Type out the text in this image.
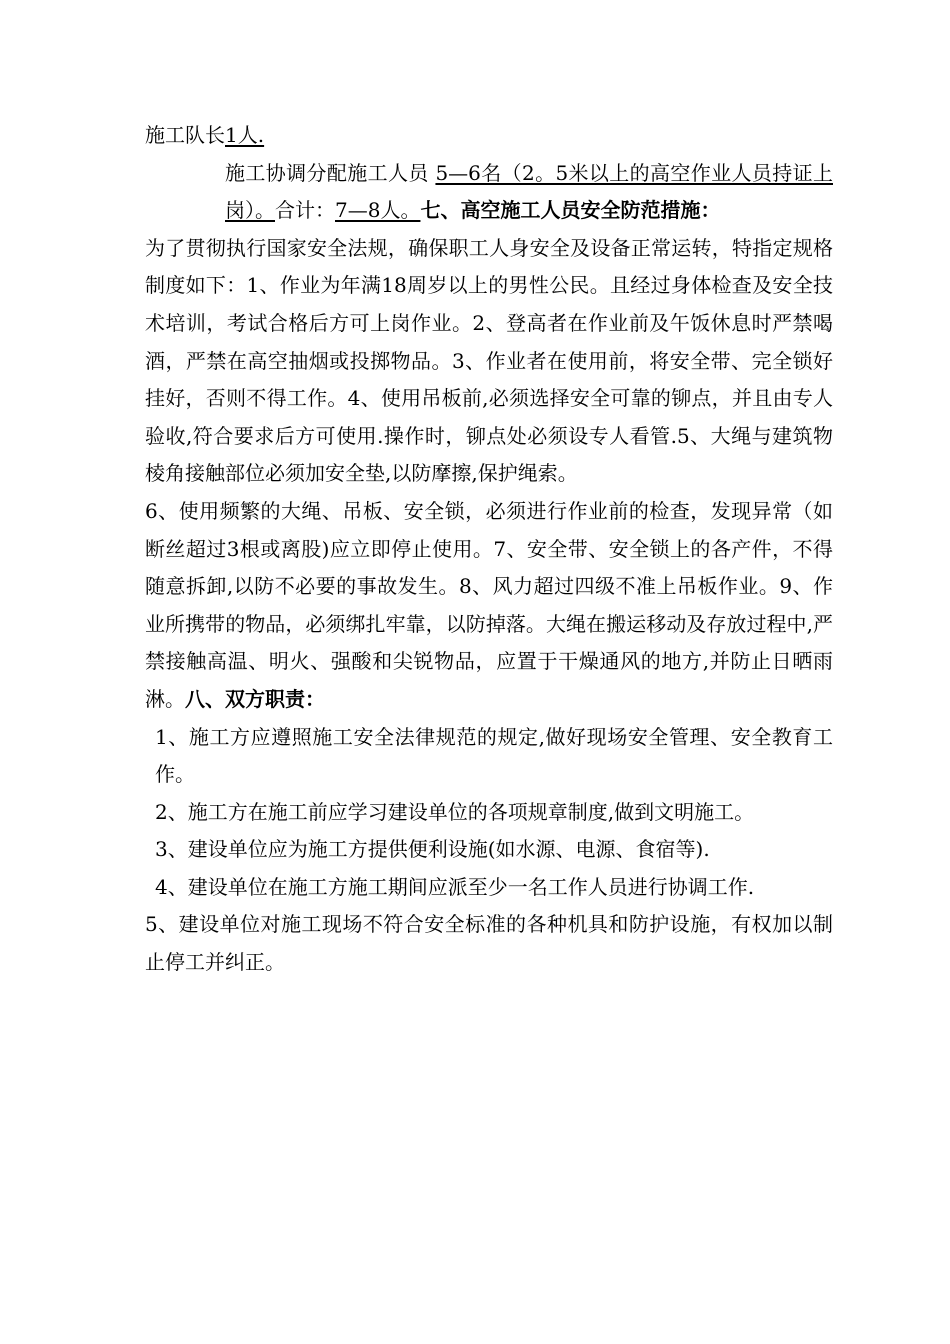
施工队长1人.

施工协调分配施工人员 5—6名（2。5米以上的高空作业人员持证上岗）。合计：7—8人。七、高空施工人员安全防范措施：

为了贯彻执行国家安全法规，确保职工人身安全及设备正常运转，特指定规格制度如下：1、作业为年满18周岁以上的男性公民。且经过身体检查及安全技术培训，考试合格后方可上岗作业。2、登高者在作业前及午饭休息时严禁喝酒，严禁在高空抽烟或投掷物品。3、作业者在使用前，将安全带、完全锁好挂好，否则不得工作。4、使用吊板前,必须选择安全可靠的铆点，并且由专人验收,符合要求后方可使用.操作时，铆点处必须设专人看管.5、大绳与建筑物棱角接触部位必须加安全垫,以防摩擦,保护绳索。

6、使用频繁的大绳、吊板、安全锁，必须进行作业前的检查，发现异常（如断丝超过3根或离股)应立即停止使用。7、安全带、安全锁上的各产件，不得随意拆卸,以防不必要的事故发生。8、风力超过四级不准上吊板作业。9、作业所携带的物品，必须绑扎牢靠，以防掉落。大绳在搬运移动及存放过程中,严禁接触高温、明火、强酸和尖锐物品，应置于干燥通风的地方,并防止日晒雨淋。八、双方职责：

1、施工方应遵照施工安全法律规范的规定,做好现场安全管理、安全教育工作。

2、施工方在施工前应学习建设单位的各项规章制度,做到文明施工。

3、建设单位应为施工方提供便利设施(如水源、电源、食宿等).

4、建设单位在施工方施工期间应派至少一名工作人员进行协调工作.

5、建设单位对施工现场不符合安全标准的各种机具和防护设施，有权加以制止停工并纠正。
